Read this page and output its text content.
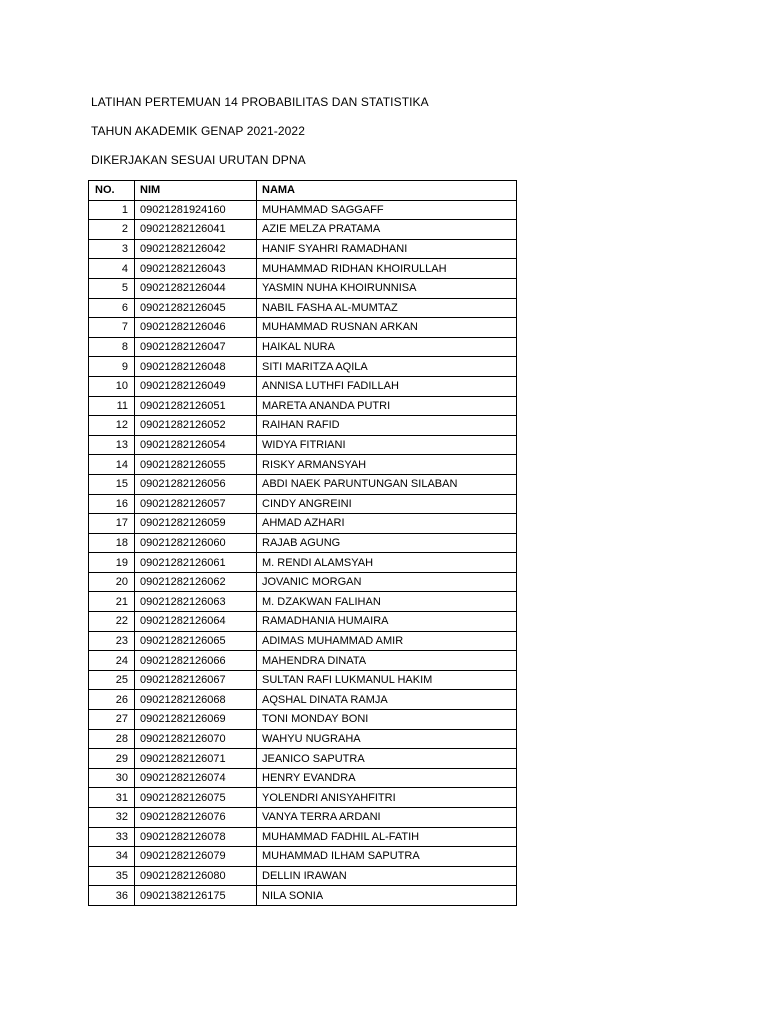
LATIHAN PERTEMUAN 14 PROBABILITAS DAN STATISTIKA
TAHUN AKADEMIK GENAP 2021-2022
DIKERJAKAN SESUAI URUTAN DPNA
NO.	NIM	NAMA
1	09021281924160	MUHAMMAD SAGGAFF
2	09021282126041	AZIE MELZA PRATAMA
3	09021282126042	HANIF SYAHRI RAMADHANI
4	09021282126043	MUHAMMAD RIDHAN KHOIRULLAH
5	09021282126044	YASMIN NUHA KHOIRUNNISA
6	09021282126045	NABIL FASHA AL-MUMTAZ
7	09021282126046	MUHAMMAD RUSNAN ARKAN
8	09021282126047	HAIKAL NURA
9	09021282126048	SITI MARITZA AQILA
10	09021282126049	ANNISA LUTHFI FADILLAH
11	09021282126051	MARETA ANANDA PUTRI
12	09021282126052	RAIHAN RAFID
13	09021282126054	WIDYA FITRIANI
14	09021282126055	RISKY ARMANSYAH
15	09021282126056	ABDI NAEK PARUNTUNGAN SILABAN
16	09021282126057	CINDY ANGREINI
17	09021282126059	AHMAD AZHARI
18	09021282126060	RAJAB AGUNG
19	09021282126061	M. RENDI ALAMSYAH
20	09021282126062	JOVANIC MORGAN
21	09021282126063	M. DZAKWAN FALIHAN
22	09021282126064	RAMADHANIA HUMAIRA
23	09021282126065	ADIMAS MUHAMMAD AMIR
24	09021282126066	MAHENDRA DINATA
25	09021282126067	SULTAN RAFI LUKMANUL HAKIM
26	09021282126068	AQSHAL DINATA RAMJA
27	09021282126069	TONI MONDAY BONI
28	09021282126070	WAHYU NUGRAHA
29	09021282126071	JEANICO SAPUTRA
30	09021282126074	HENRY EVANDRA
31	09021282126075	YOLENDRI ANISYAHFITRI
32	09021282126076	VANYA TERRA ARDANI
33	09021282126078	MUHAMMAD FADHIL AL-FATIH
34	09021282126079	MUHAMMAD ILHAM SAPUTRA
35	09021282126080	DELLIN IRAWAN
36	09021382126175	NILA SONIA
